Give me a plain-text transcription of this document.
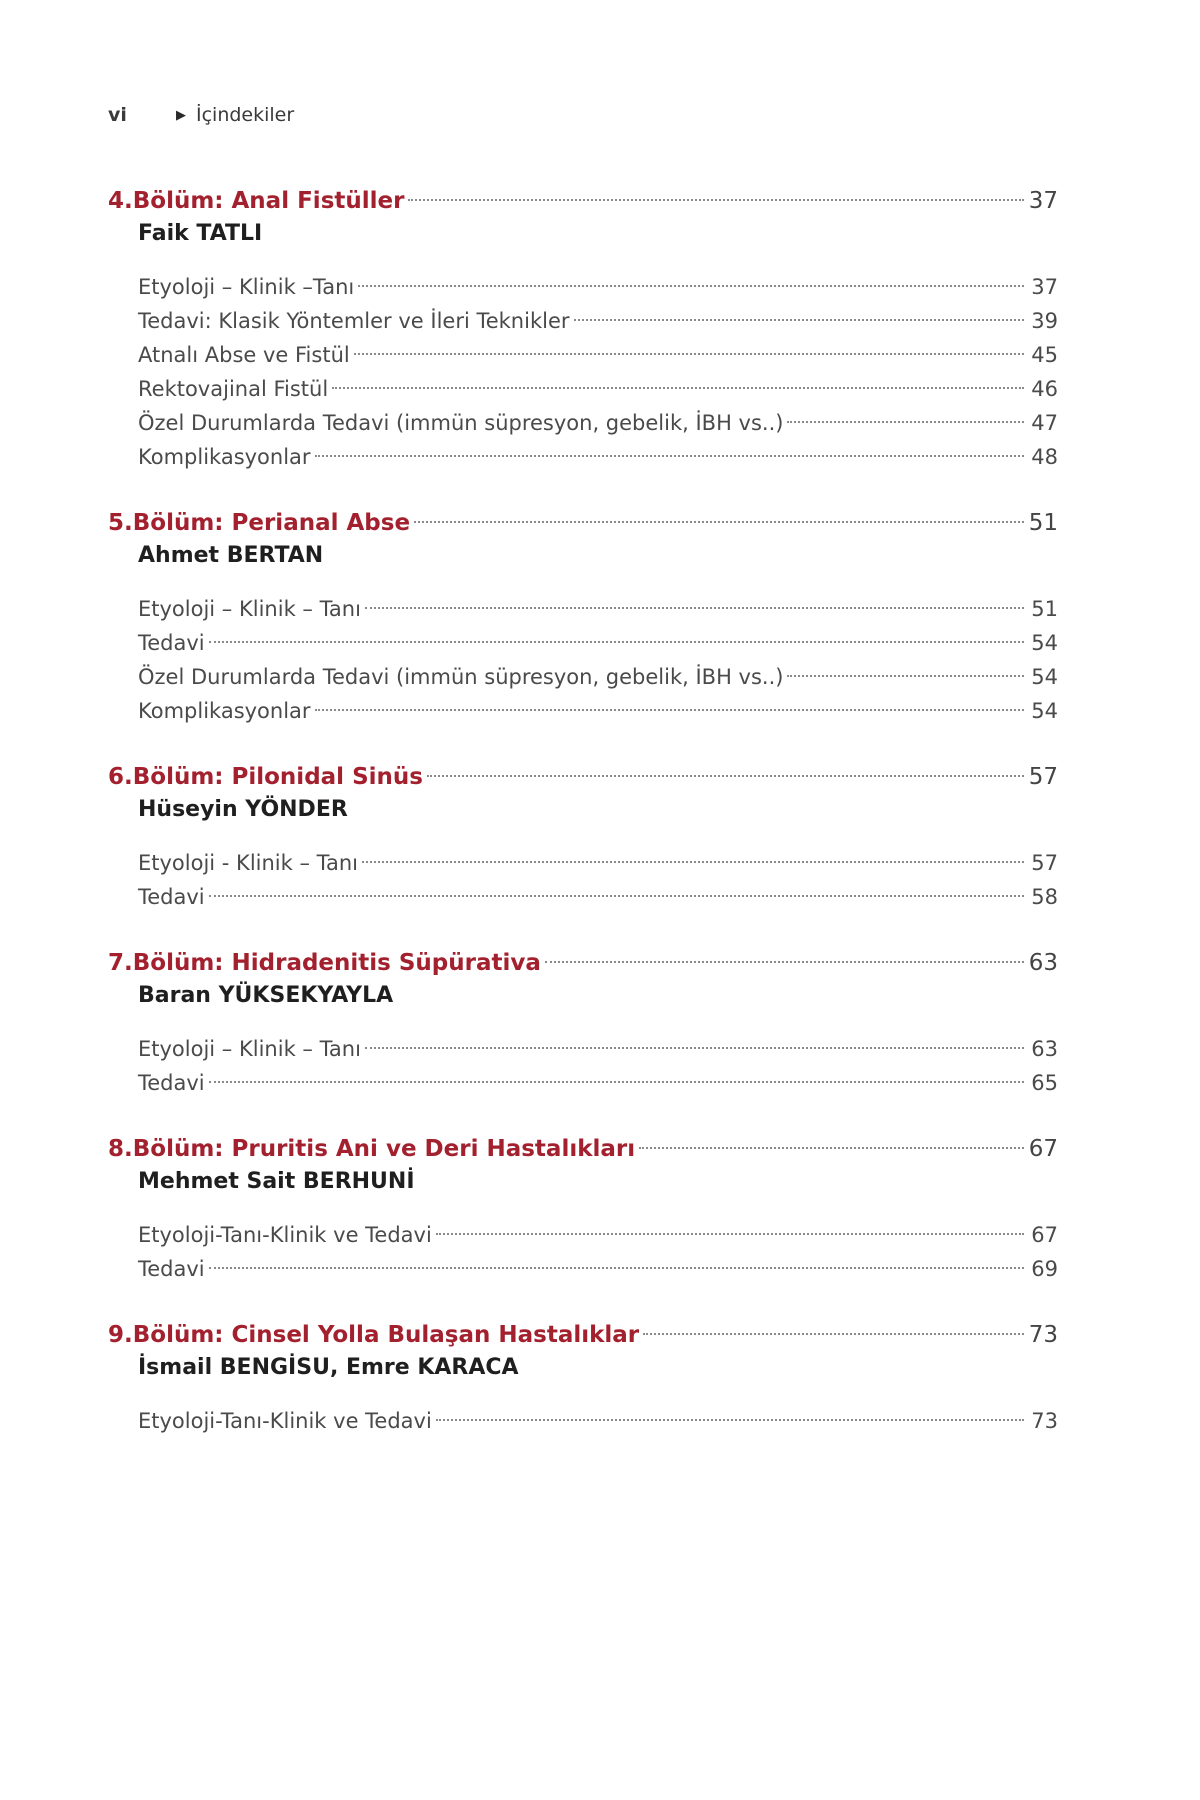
vi	▶ İçindekiler
4. Bölüm: Anal Fistüller	37
Faik TATLI
Etyoloji – Klinik –Tanı	37
Tedavi: Klasik Yöntemler ve İleri Teknikler	39
Atnalı Abse ve Fistül	45
Rektovajinal Fistül	46
Özel Durumlarda Tedavi (immün süpresyon, gebelik, İBH vs..)	47
Komplikasyonlar	48
5. Bölüm: Perianal Abse	51
Ahmet BERTAN
Etyoloji – Klinik – Tanı	51
Tedavi	54
Özel Durumlarda Tedavi (immün süpresyon, gebelik, İBH vs..)	54
Komplikasyonlar	54
6. Bölüm: Pilonidal Sinüs	57
Hüseyin YÖNDER
Etyoloji - Klinik – Tanı	57
Tedavi	58
7. Bölüm: Hidradenitis Süpürativa	63
Baran YÜKSEKYAYLA
Etyoloji – Klinik – Tanı	63
Tedavi	65
8. Bölüm: Pruritis Ani ve Deri Hastalıkları	67
Mehmet Sait BERHUNİ
Etyoloji-Tanı-Klinik ve Tedavi	67
Tedavi	69
9. Bölüm: Cinsel Yolla Bulaşan Hastalıklar	73
İsmail BENGİSU, Emre KARACA
Etyoloji-Tanı-Klinik ve Tedavi	73
